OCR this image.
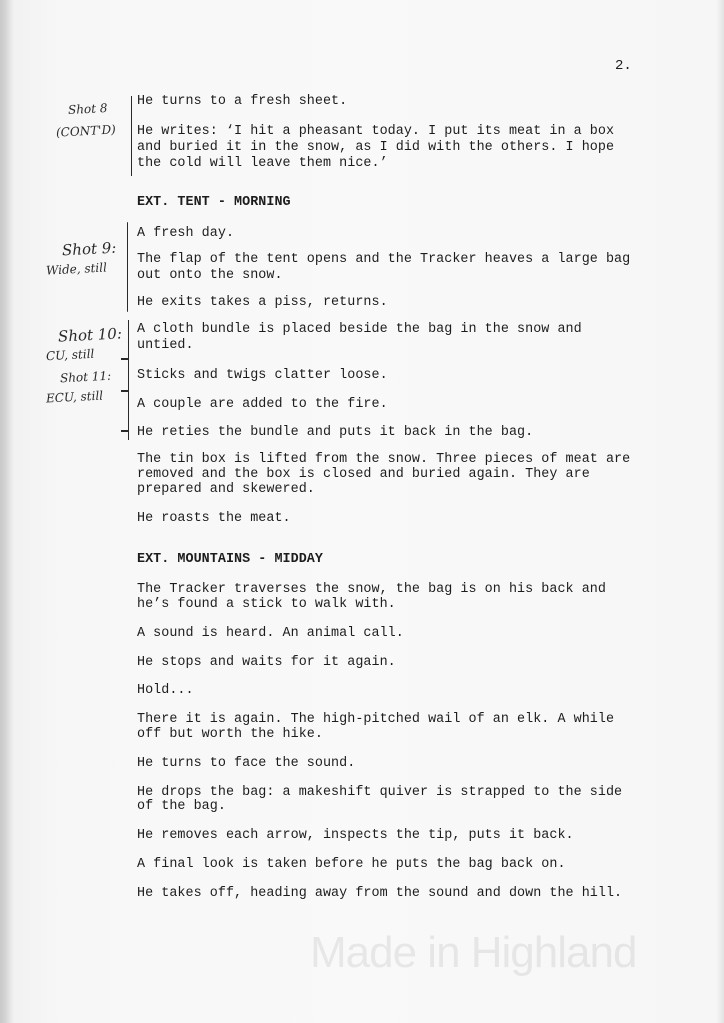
2.
He turns to a fresh sheet.
He writes: ‘I hit a pheasant today. I put its meat in a box
and buried it in the snow, as I did with the others. I hope
the cold will leave them nice.’
EXT. TENT - MORNING
A fresh day.
The flap of the tent opens and the Tracker heaves a large bag
out onto the snow.
He exits takes a piss, returns.
A cloth bundle is placed beside the bag in the snow and
untied.
Sticks and twigs clatter loose.
A couple are added to the fire.
He reties the bundle and puts it back in the bag.
The tin box is lifted from the snow. Three pieces of meat are
removed and the box is closed and buried again. They are
prepared and skewered.
He roasts the meat.
EXT. MOUNTAINS - MIDDAY
The Tracker traverses the snow, the bag is on his back and
he’s found a stick to walk with.
A sound is heard. An animal call.
He stops and waits for it again.
Hold...
There it is again. The high-pitched wail of an elk. A while
off but worth the hike.
He turns to face the sound.
He drops the bag: a makeshift quiver is strapped to the side
of the bag.
He removes each arrow, inspects the tip, puts it back.
A final look is taken before he puts the bag back on.
He takes off, heading away from the sound and down the hill.
Shot 8
(CONT'D)
Shot 9:
Wide, still
Shot 10:
CU, still
Shot 11:
ECU, still
Made in Highland
